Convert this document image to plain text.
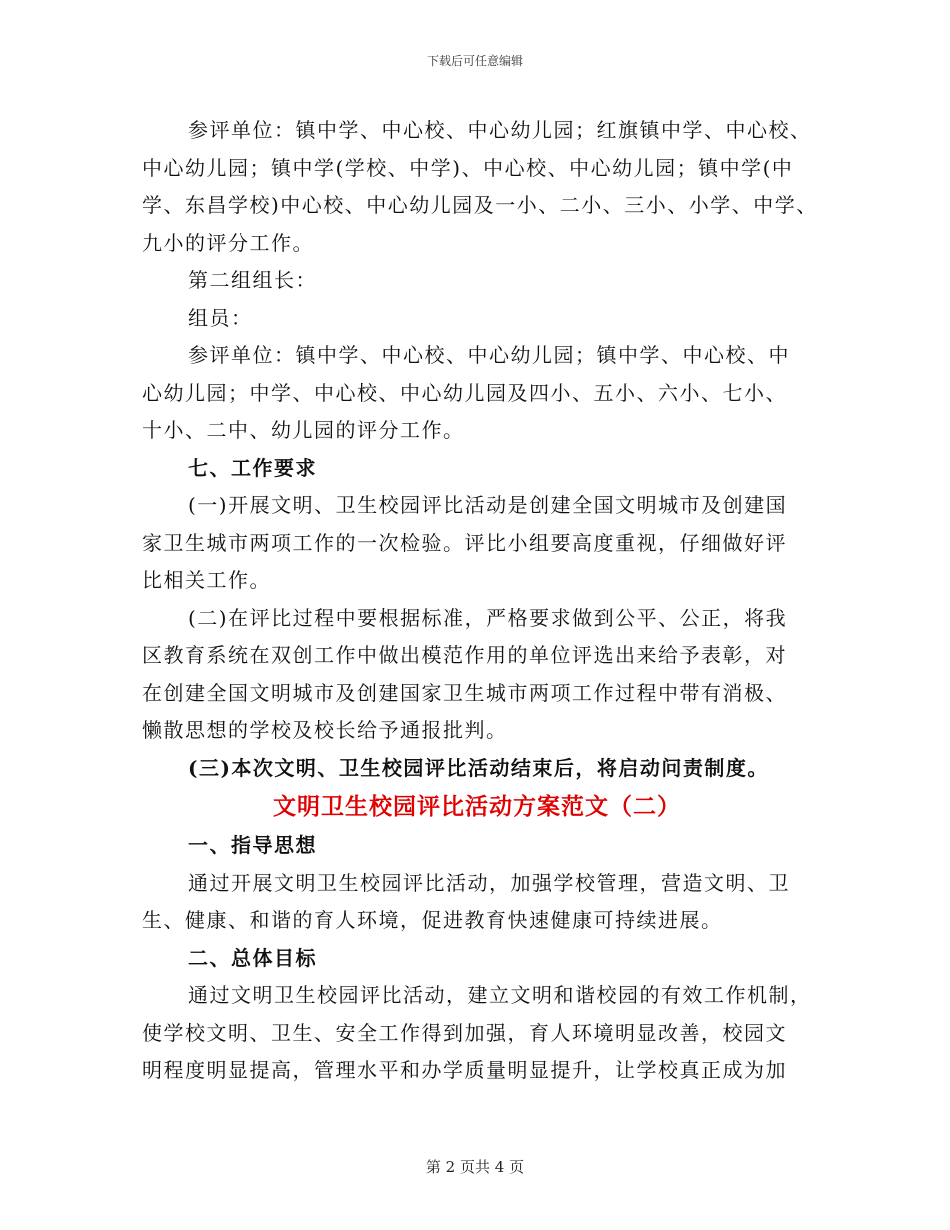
下载后可任意编辑
参评单位：镇中学、中心校、中心幼儿园；红旗镇中学、中心校、
中心幼儿园；镇中学(学校、中学)、中心校、中心幼儿园；镇中学(中
学、东昌学校)中心校、中心幼儿园及一小、二小、三小、小学、中学、
九小的评分工作。
第二组组长：
组员：
参评单位：镇中学、中心校、中心幼儿园；镇中学、中心校、中
心幼儿园；中学、中心校、中心幼儿园及四小、五小、六小、七小、
十小、二中、幼儿园的评分工作。
七、工作要求
(一)开展文明、卫生校园评比活动是创建全国文明城市及创建国
家卫生城市两项工作的一次检验。评比小组要高度重视，仔细做好评
比相关工作。
(二)在评比过程中要根据标准，严格要求做到公平、公正，将我
区教育系统在双创工作中做出模范作用的单位评选出来给予表彰，对
在创建全国文明城市及创建国家卫生城市两项工作过程中带有消极、
懒散思想的学校及校长给予通报批判。
(三)本次文明、卫生校园评比活动结束后，将启动问责制度。
文明卫生校园评比活动方案范文（二）
一、指导思想
通过开展文明卫生校园评比活动，加强学校管理，营造文明、卫
生、健康、和谐的育人环境，促进教育快速健康可持续进展。
二、总体目标
通过文明卫生校园评比活动，建立文明和谐校园的有效工作机制，
使学校文明、卫生、安全工作得到加强，育人环境明显改善，校园文
明程度明显提高，管理水平和办学质量明显提升，让学校真正成为加
第 2 页共 4 页
